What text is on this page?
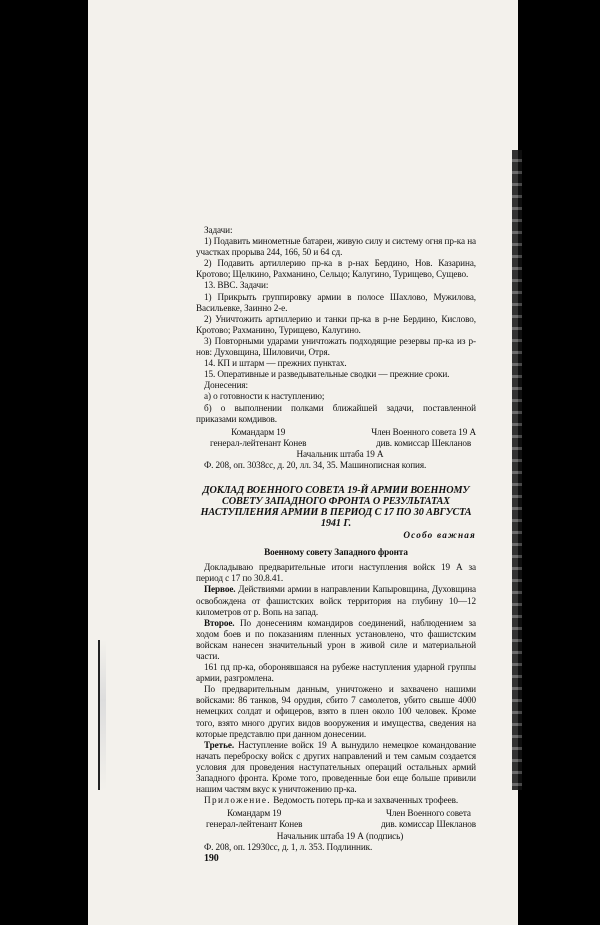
Задачи:

1) Подавить минометные батареи, живую силу и систему огня пр-ка на участках прорыва 244, 166, 50 и 64 сд.

2) Подавить артиллерию пр-ка в р-нах Бердино, Нов. Казарина, Кротово; Щелкино, Рахманино, Сельцо; Калугино, Турищево, Сущево.

13. ВВС. Задачи:

1) Прикрыть группировку армии в полосе Шахлово, Мужилова, Васильевке, Заинно 2-е.

2) Уничтожить артиллерию и танки пр-ка в р-не Бердино, Кислово, Кротово; Рахманино, Турищево, Калугино.

3) Повторными ударами уничтожать подходящие резервы пр-ка из р-нов: Духовщина, Шиловичи, Отря.

14. КП и штарм — прежних пунктах.

15. Оперативные и разведывательные сводки — прежние сроки.

Донесения:

а) о готовности к наступлению;

б) о выполнении полками ближайшей задачи, поставленной приказами комдивов.

Командарм 19
генерал-лейтенант Конев
Член Военного совета 19 А
див. комиссар Шекланов

Начальник штаба 19 А

Ф. 208, оп. 3038сс, д. 20, лл. 34, 35. Машинописная копия.

ДОКЛАД ВОЕННОГО СОВЕТА 19-Й АРМИИ ВОЕННОМУ СОВЕТУ ЗАПАДНОГО ФРОНТА О РЕЗУЛЬТАТАХ НАСТУПЛЕНИЯ АРМИИ В ПЕРИОД С 17 ПО 30 АВГУСТА 1941 Г.
Особо важная
Военному совету Западного фронта

Докладываю предварительные итоги наступления войск 19 А за период с 17 по 30.8.41.

Первое. Действиями армии в направлении Капыровщина, Духовщина освобождена от фашистских войск территория на глубину 10—12 километров от р. Вопь на запад.

Второе. По донесениям командиров соединений, наблюдением за ходом боев и по показаниям пленных установлено, что фашистским войскам нанесен значительный урон в живой силе и материальной части.

161 пд пр-ка, оборонявшаяся на рубеже наступления ударной группы армии, разгромлена.

По предварительным данным, уничтожено и захвачено нашими войсками: 86 танков, 94 орудия, сбито 7 самолетов, убито свыше 4000 немецких солдат и офицеров, взято в плен около 100 человек. Кроме того, взято много других видов вооружения и имущества, сведения на которые представлю при данном донесении.

Третье. Наступление войск 19 А вынудило немецкое командование начать переброску войск с других направлений и тем самым создается условия для проведения наступательных операций остальных армий Западного фронта. Кроме того, проведенные бои еще больше привили нашим частям вкус к уничтожению пр-ка.

Приложение. Ведомость потерь пр-ка и захваченных трофеев.

Командарм 19
генерал-лейтенант Конев
Член Военного совета
див. комиссар Шекланов

Начальник штаба 19 А (подпись)

Ф. 208, оп. 12930сс, д. 1, л. 353. Подлинник.

190
